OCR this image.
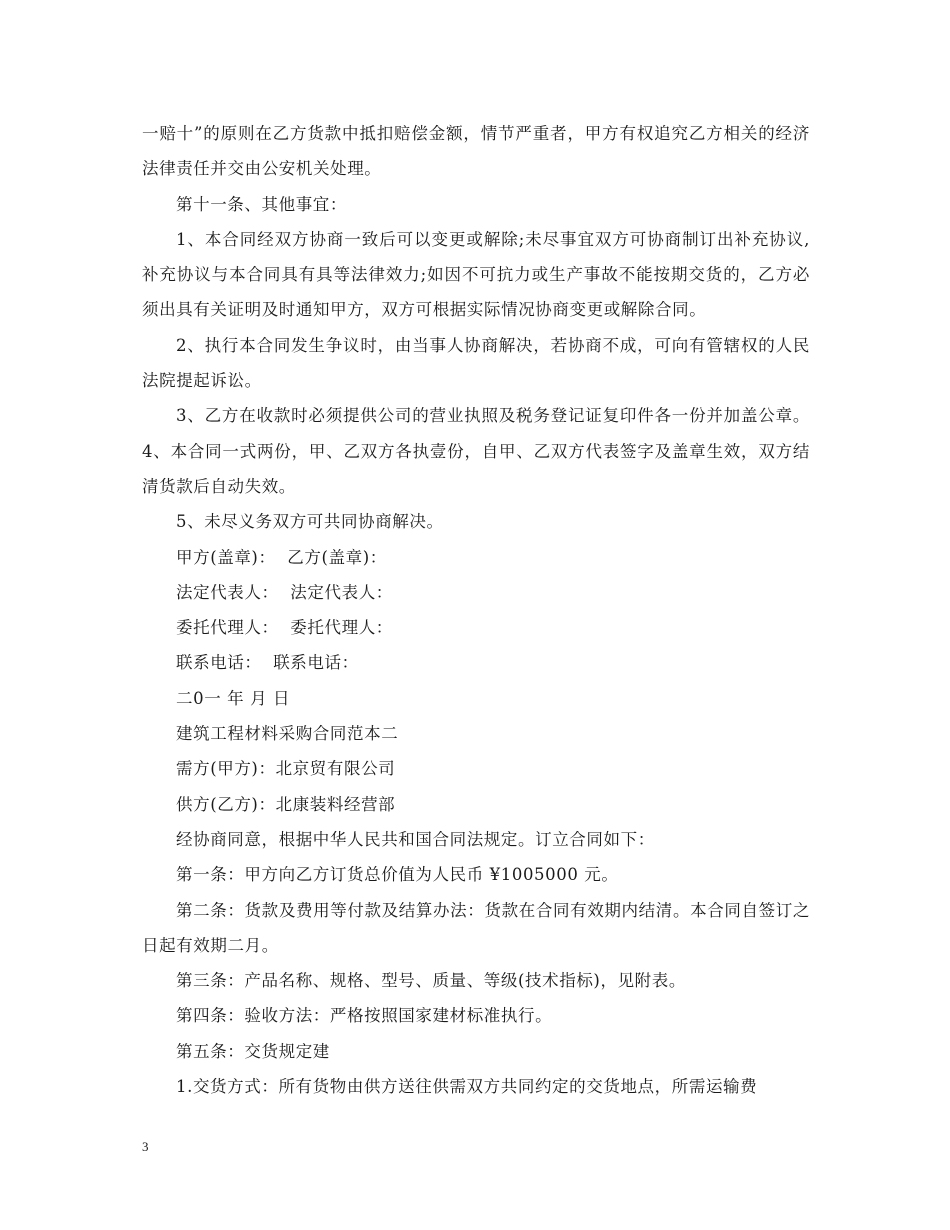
一赔十”的原则在乙方货款中抵扣赔偿金额，情节严重者，甲方有权追究乙方相关的经济法律责任并交由公安机关处理。

第十一条、其他事宜：

1、本合同经双方协商一致后可以变更或解除;未尽事宜双方可协商制订出补充协议,补充协议与本合同具有具等法律效力;如因不可抗力或生产事故不能按期交货的，乙方必须出具有关证明及时通知甲方，双方可根据实际情况协商变更或解除合同。

2、执行本合同发生争议时，由当事人协商解决，若协商不成，可向有管辖权的人民法院提起诉讼。

3、乙方在收款时必须提供公司的营业执照及税务登记证复印件各一份并加盖公章。 4、本合同一式两份，甲、乙双方各执壹份，自甲、乙双方代表签字及盖章生效，双方结清货款后自动失效。

5、未尽义务双方可共同协商解决。

甲方(盖章)：  乙方(盖章)：

法定代表人：  法定代表人：

委托代理人：  委托代理人：

联系电话：  联系电话：

二0一 年 月 日

建筑工程材料采购合同范本二

需方(甲方)：北京贸有限公司

供方(乙方)：北康装料经营部

经协商同意，根据中华人民共和国合同法规定。订立合同如下：

第一条：甲方向乙方订货总价值为人民币 ¥1005000 元。

第二条：货款及费用等付款及结算办法：货款在合同有效期内结清。本合同自签订之日起有效期二月。

第三条：产品名称、规格、型号、质量、等级(技术指标)，见附表。

第四条：验收方法：严格按照国家建材标准执行。

第五条：交货规定建

1.交货方式：所有货物由供方送往供需双方共同约定的交货地点，所需运输费

3
